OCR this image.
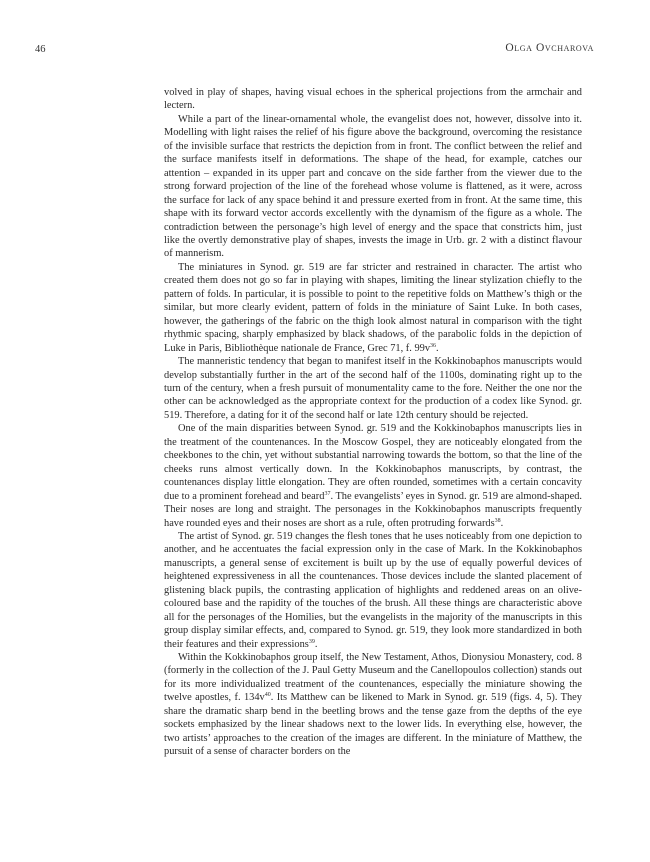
46	Olga Ovcharova

volved in play of shapes, having visual echoes in the spherical projections from the armchair and lectern.

While a part of the linear-ornamental whole, the evangelist does not, however, dissolve into it. Modelling with light raises the relief of his figure above the background, overcoming the resistance of the invisible surface that restricts the depiction from in front. The conflict between the relief and the surface manifests itself in deformations. The shape of the head, for example, catches our attention – expanded in its upper part and concave on the side farther from the viewer due to the strong forward projection of the line of the forehead whose volume is flattened, as it were, across the surface for lack of any space behind it and pressure exerted from in front. At the same time, this shape with its forward vector accords excellently with the dynamism of the figure as a whole. The contradiction between the personage’s high level of energy and the space that constricts him, just like the overtly demonstrative play of shapes, invests the image in Urb. gr. 2 with a distinct flavour of mannerism.

The miniatures in Synod. gr. 519 are far stricter and restrained in character. The artist who created them does not go so far in playing with shapes, limiting the linear stylization chiefly to the pattern of folds. In particular, it is possible to point to the repetitive folds on Matthew’s thigh or the similar, but more clearly evident, pattern of folds in the miniature of Saint Luke. In both cases, however, the gatherings of the fabric on the thigh look almost natural in comparison with the tight rhythmic spacing, sharply emphasized by black shadows, of the parabolic folds in the depiction of Luke in Paris, Bibliothèque nationale de France, Grec 71, f. $99v^{36}$.

The manneristic tendency that began to manifest itself in the Kokkinobaphos manuscripts would develop substantially further in the art of the second half of the 1100s, dominating right up to the turn of the century, when a fresh pursuit of monumentality came to the fore. Neither the one nor the other can be acknowledged as the appropriate context for the production of a codex like Synod. gr. 519. Therefore, a dating for it of the second half or late 12th century should be rejected.

One of the main disparities between Synod. gr. 519 and the Kokkinobaphos manuscripts lies in the treatment of the countenances. In the Moscow Gospel, they are noticeably elongated from the cheekbones to the chin, yet without substantial narrowing towards the bottom, so that the line of the cheeks runs almost vertically down. In the Kokkinobaphos manuscripts, by contrast, the countenances display little elongation. They are often rounded, sometimes with a certain concavity due to a prominent forehead and beard$^{37}$. The evangelists’ eyes in Synod. gr. 519 are almond-shaped. Their noses are long and straight. The personages in the Kokkinobaphos manuscripts frequently have rounded eyes and their noses are short as a rule, often protruding forwards$^{38}$.

The artist of Synod. gr. 519 changes the flesh tones that he uses noticeably from one depiction to another, and he accentuates the facial expression only in the case of Mark. In the Kokkinobaphos manuscripts, a general sense of excitement is built up by the use of equally powerful devices of heightened expressiveness in all the countenances. Those devices include the slanted placement of glistening black pupils, the contrasting application of highlights and reddened areas on an olive-coloured base and the rapidity of the touches of the brush. All these things are characteristic above all for the personages of the Homilies, but the evangelists in the majority of the manuscripts in this group display similar effects, and, compared to Synod. gr. 519, they look more standardized in both their features and their expressions$^{39}$.

Within the Kokkinobaphos group itself, the New Testament, Athos, Dionysiou Monastery, cod. 8 (formerly in the collection of the J. Paul Getty Museum and the Canellopoulos collection) stands out for its more individualized treatment of the countenances, especially the miniature showing the twelve apostles, f. $134v^{40}$. Its Matthew can be likened to Mark in Synod. gr. 519 (figs. 4, 5). They share the dramatic sharp bend in the beetling brows and the tense gaze from the depths of the eye sockets emphasized by the linear shadows next to the lower lids. In everything else, however, the two artists’ approaches to the creation of the images are different. In the miniature of Matthew, the pursuit of a sense of character borders on the
